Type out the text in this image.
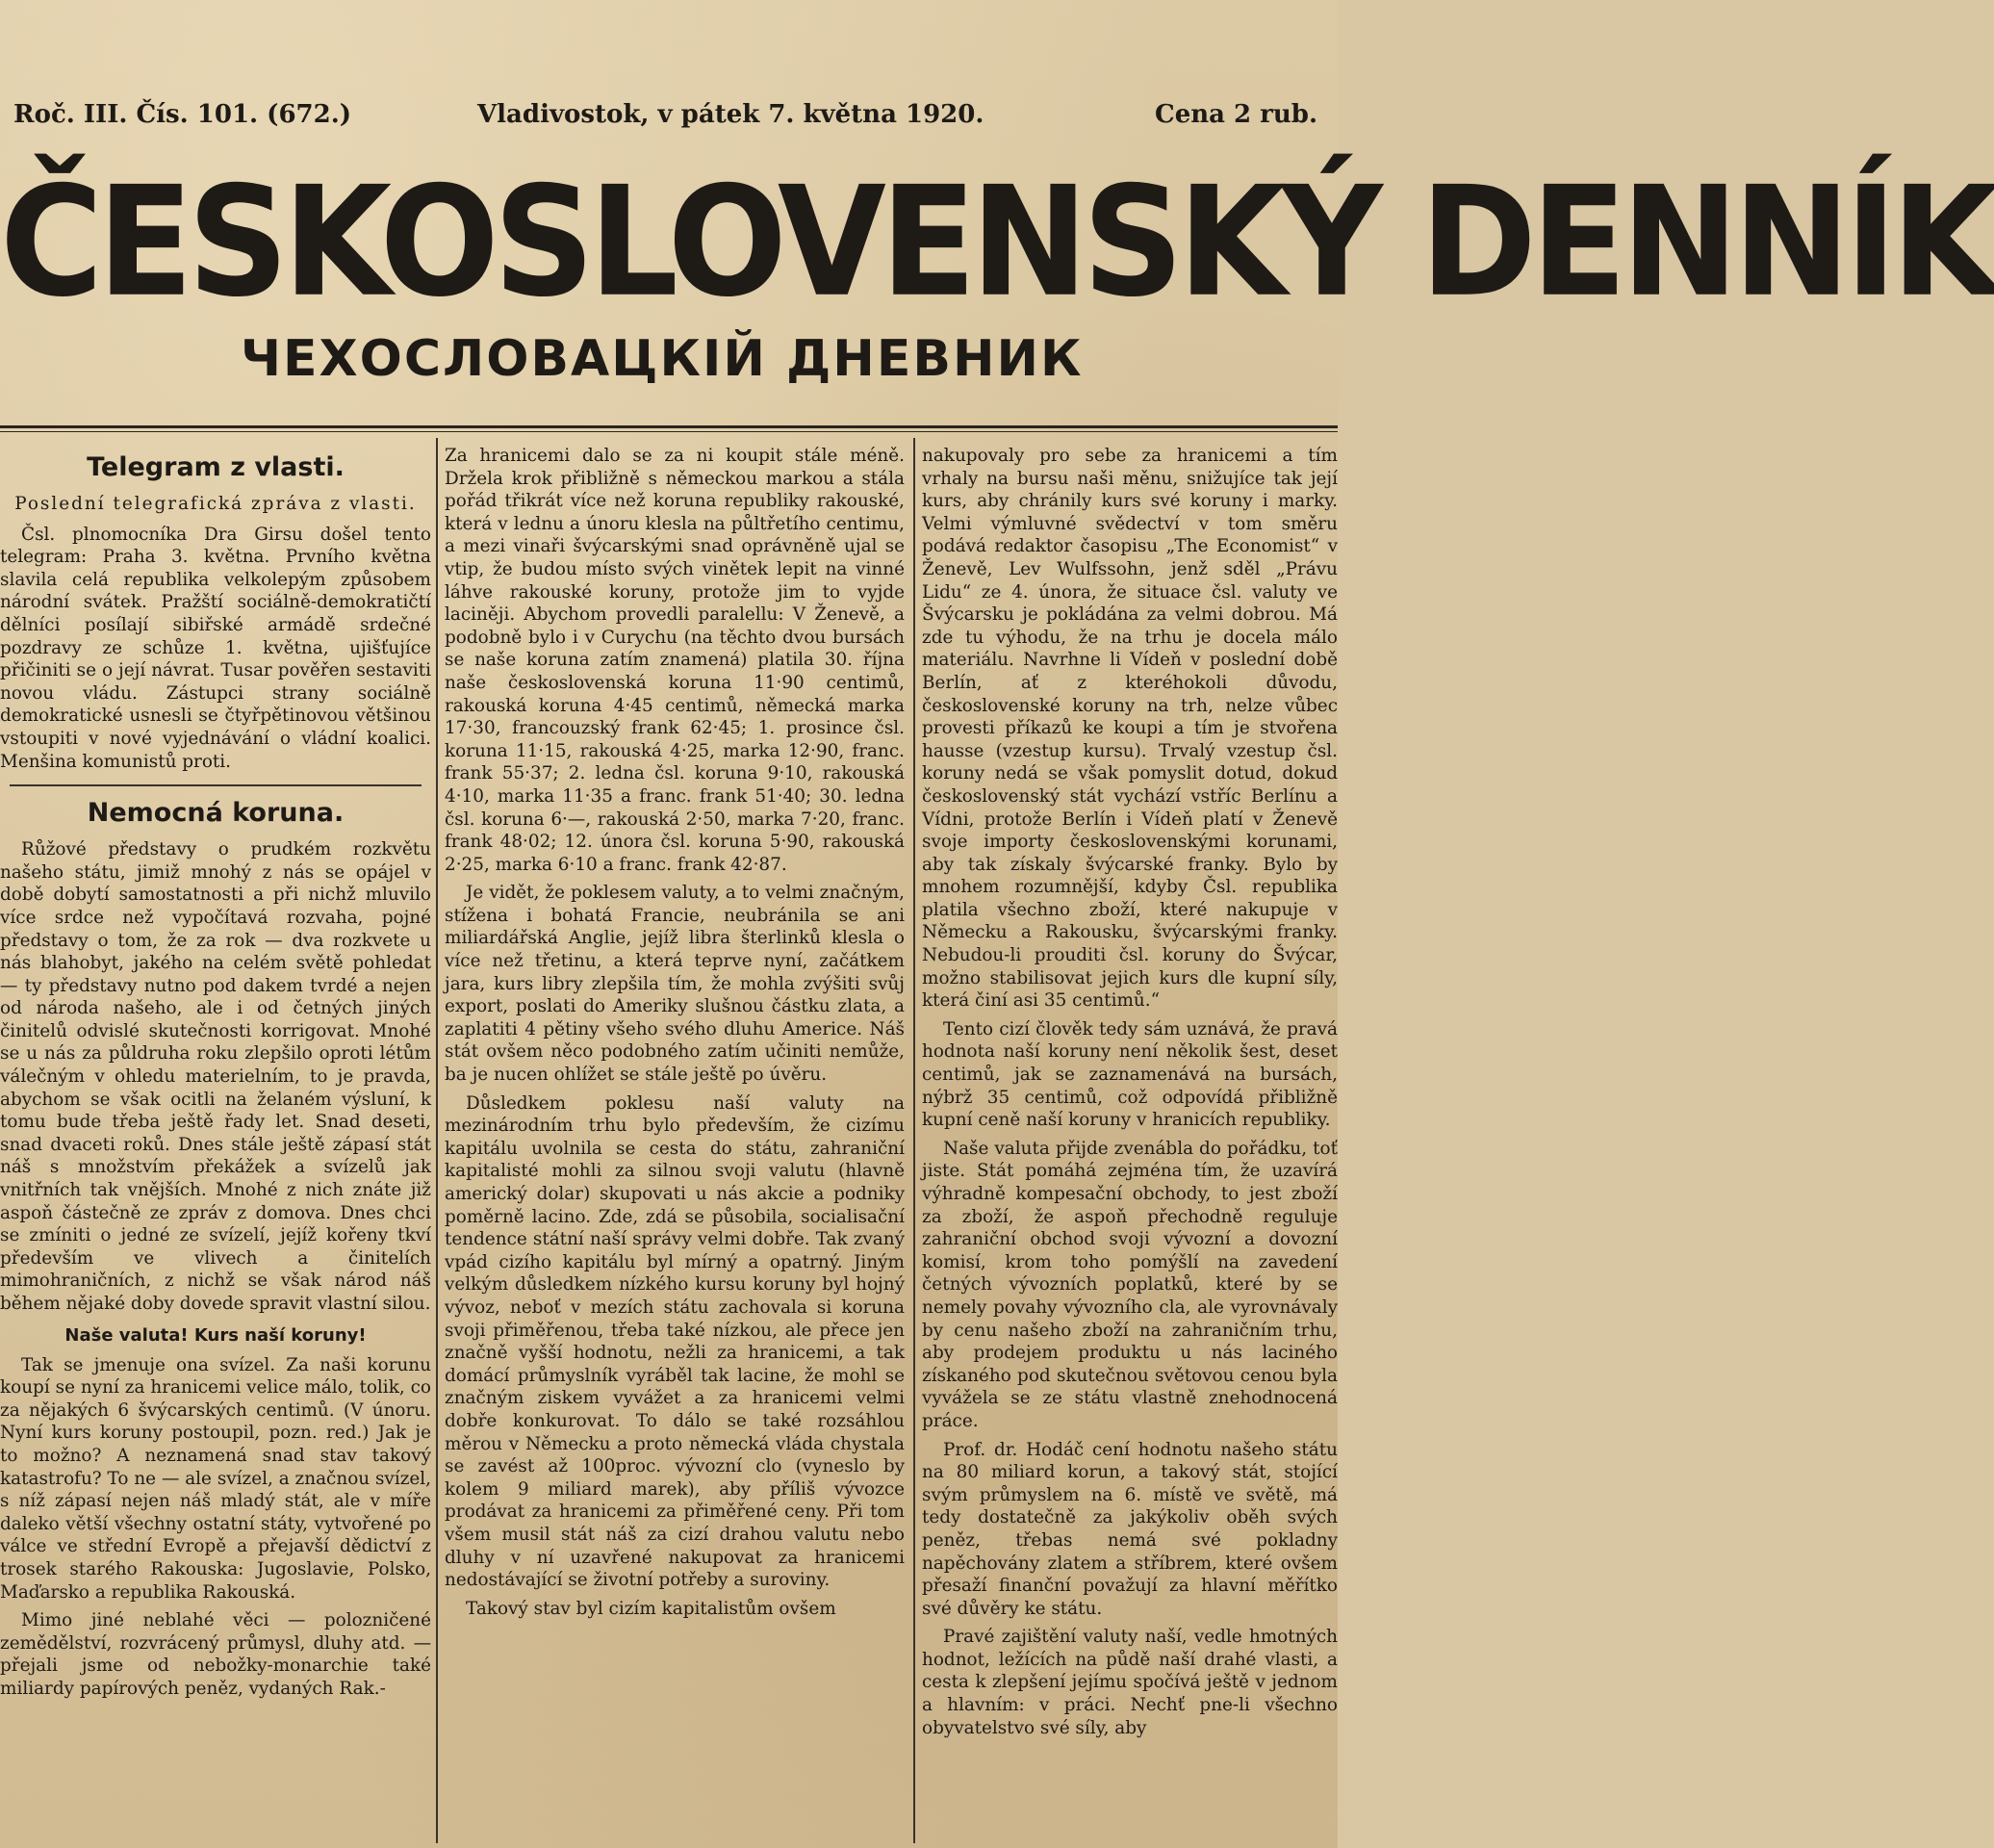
Roč. III. Čís. 101. (672.)	Vladivostok, v pátek 7. května 1920.	Cena 2 rub.
ČESKOSLOVENSKÝ DENNÍK
ЧЕХОСЛОВАЦКІЙ ДНЕВНИК
Telegram z vlasti.

Poslední telegrafická zpráva z vlasti.

Čsl. plnomocníka Dra Girsu došel tento telegram: Praha 3. května. Prvního května slavila celá republika velkolepým způsobem národní svátek. Pražští sociálně-demokratičtí dělníci posílají sibiřské armádě srdečné pozdravy ze schůze 1. května, ujišťujíce přičiniti se o její návrat. Tusar pověřen sestaviti novou vládu. Zástupci strany sociálně demokratické usnesli se čtyřpětinovou většinou vstoupiti v nové vyjednávání o vládní koalici. Menšina komunistů proti.

Nemocná koruna.

Růžové představy o prudkém rozkvětu našeho státu, jimiž mnohý z nás se opájel v době dobytí samostatnosti a při nichž mluvilo více srdce než vypočítavá rozvaha, pojné představy o tom, že za rok — dva rozkvete u nás blahobyt, jakého na celém světě pohledat — ty představy nutno pod dakem tvrdé a nejen od národa našeho, ale i od četných jiných činitelů odvislé skutečnosti korrigovat. Mnohé se u nás za půldruha roku zlepšilo oproti létům válečným v ohledu materielním, to je pravda, abychom se však ocitli na želaném výsluní, k tomu bude třeba ještě řady let. Snad deseti, snad dvaceti roků. Dnes stále ještě zápasí stát náš s množstvím překážek a svízelů jak vnitřních tak vnějších. Mnohé z nich znáte již aspoň částečně ze zpráv z domova. Dnes chci se zmíniti o jedné ze svízelí, jejíž kořeny tkví především ve vlivech a činitelích mimohraničních, z nichž se však národ náš během nějaké doby dovede spravit vlastní silou.

Naše valuta! Kurs naší koruny!

Tak se jmenuje ona svízel. Za naši korunu koupí se nyní za hranicemi velice málo, tolik, co za nějakých 6 švýcarských centimů. (V únoru. Nyní kurs koruny postoupil, pozn. red.) Jak je to možno? A neznamená snad stav takový katastrofu? To ne — ale svízel, a značnou svízel, s níž zápasí nejen náš mladý stát, ale v míře daleko větší všechny ostatní státy, vytvořené po válce ve střední Evropě a přejavší dědictví z trosek starého Rakouska: Jugoslavie, Polsko, Maďarsko a republika Rakouská.

Mimo jiné neblahé věci — polozničené zemědělství, rozvrácený průmysl, dluhy atd. — přejali jsme od nebožky-monarchie také miliardy papírových peněz, vydaných Rak.-

Za hranicemi dalo se za ni koupit stále méně. Držela krok přibližně s německou markou a stála pořád třikrát více než koruna republiky rakouské, která v lednu a únoru klesla na půltřetího centimu, a mezi vinaři švýcarskými snad oprávněně ujal se vtip, že budou místo svých vinětek lepit na vinné láhve rakouské koruny, protože jim to vyjde laciněji. Abychom provedli paralellu: V Ženevě, a podobně bylo i v Curychu (na těchto dvou bursách se naše koruna zatím znamená) platila 30. října naše československá koruna 11·90 centimů, rakouská koruna 4·45 centimů, německá marka 17·30, francouzský frank 62·45; 1. prosince čsl. koruna 11·15, rakouská 4·25, marka 12·90, franc. frank 55·37; 2. ledna čsl. koruna 9·10, rakouská 4·10, marka 11·35 a franc. frank 51·40; 30. ledna čsl. koruna 6·—, rakouská 2·50, marka 7·20, franc. frank 48·02; 12. února čsl. koruna 5·90, rakouská 2·25, marka 6·10 a franc. frank 42·87.

Je vidět, že poklesem valuty, a to velmi značným, stížena i bohatá Francie, neubránila se ani miliardářská Anglie, jejíž libra šterlinků klesla o více než třetinu, a která teprve nyní, začátkem jara, kurs libry zlepšila tím, že mohla zvýšiti svůj export, poslati do Ameriky slušnou částku zlata, a zaplatiti 4 pětiny všeho svého dluhu Americe. Náš stát ovšem něco podobného zatím učiniti nemůže, ba je nucen ohlížet se stále ještě po úvěru.

Důsledkem poklesu naší valuty na mezinárodním trhu bylo především, že cizímu kapitálu uvolnila se cesta do státu, zahraniční kapitalisté mohli za silnou svoji valutu (hlavně americký dolar) skupovati u nás akcie a podniky poměrně lacino. Zde, zdá se působila, socialisační tendence státní naší správy velmi dobře. Tak zvaný vpád cizího kapitálu byl mírný a opatrný. Jiným velkým důsledkem nízkého kursu koruny byl hojný vývoz, neboť v mezích státu zachovala si koruna svoji přiměřenou, třeba také nízkou, ale přece jen značně vyšší hodnotu, nežli za hranicemi, a tak domácí průmyslník vyráběl tak lacine, že mohl se značným ziskem vyvážet a za hranicemi velmi dobře konkurovat. To dálo se také rozsáhlou měrou v Německu a proto německá vláda chystala se zavést až 100proc. vývozní clo (vyneslo by kolem 9 miliard marek), aby příliš vývozce prodávat za hranicemi za přiměřené ceny. Při tom všem musil stát náš za cizí drahou valutu nebo dluhy v ní uzavřené nakupovat za hranicemi nedostávající se životní potřeby a suroviny.

Takový stav byl cizím kapitalistům ovšem

nakupovaly pro sebe za hranicemi a tím vrhaly na bursu naši měnu, snižujíce tak její kurs, aby chránily kurs své koruny i marky. Velmi výmluvné svědectví v tom směru podává redaktor časopisu „The Economist“ v Ženevě, Lev Wulfssohn, jenž sděl „Právu Lidu“ ze 4. února, že situace čsl. valuty ve Švýcarsku je pokládána za velmi dobrou. Má zde tu výhodu, že na trhu je docela málo materiálu. Navrhne li Vídeň v poslední době Berlín, ať z kteréhokoli důvodu, československé koruny na trh, nelze vůbec provesti příkazů ke koupi a tím je stvořena hausse (vzestup kursu). Trvalý vzestup čsl. koruny nedá se však pomyslit dotud, dokud československý stát vychází vstříc Berlínu a Vídni, protože Berlín i Vídeň platí v Ženevě svoje importy československými korunami, aby tak získaly švýcarské franky. Bylo by mnohem rozumnější, kdyby Čsl. republika platila všechno zboží, které nakupuje v Německu a Rakousku, švýcarskými franky. Nebudou-li prouditi čsl. koruny do Švýcar, možno stabilisovat jejich kurs dle kupní síly, která činí asi 35 centimů.“

Tento cizí člověk tedy sám uznává, že pravá hodnota naší koruny není několik šest, deset centimů, jak se zaznamenává na bursách, nýbrž 35 centimů, což odpovídá přibližně kupní ceně naší koruny v hranicích republiky.

Naše valuta přijde zvenábla do pořádku, toť jiste. Stát pomáhá zejména tím, že uzavírá výhradně kompesační obchody, to jest zboží za zboží, že aspoň přechodně reguluje zahraniční obchod svoji vývozní a dovozní komisí, krom toho pomýšlí na zavedení četných vývozních poplatků, které by se nemely povahy vývozního cla, ale vyrovnávaly by cenu našeho zboží na zahraničním trhu, aby prodejem produktu u nás laciného získaného pod skutečnou světovou cenou byla vyvážela se ze státu vlastně znehodnocená práce.

Prof. dr. Hodáč cení hodnotu našeho státu na 80 miliard korun, a takový stát, stojící svým průmyslem na 6. místě ve světě, má tedy dostatečně za jakýkoliv oběh svých peněz, třebas nemá své pokladny napěchovány zlatem a stříbrem, které ovšem přesaží finanční považují za hlavní měřítko své důvěry ke státu.

Pravé zajištění valuty naší, vedle hmotných hodnot, ležících na půdě naší drahé vlasti, a cesta k zlepšení jejímu spočívá ještě v jednom a hlavním: v práci. Nechť pne-li všechno obyvatelstvo své síly, aby
